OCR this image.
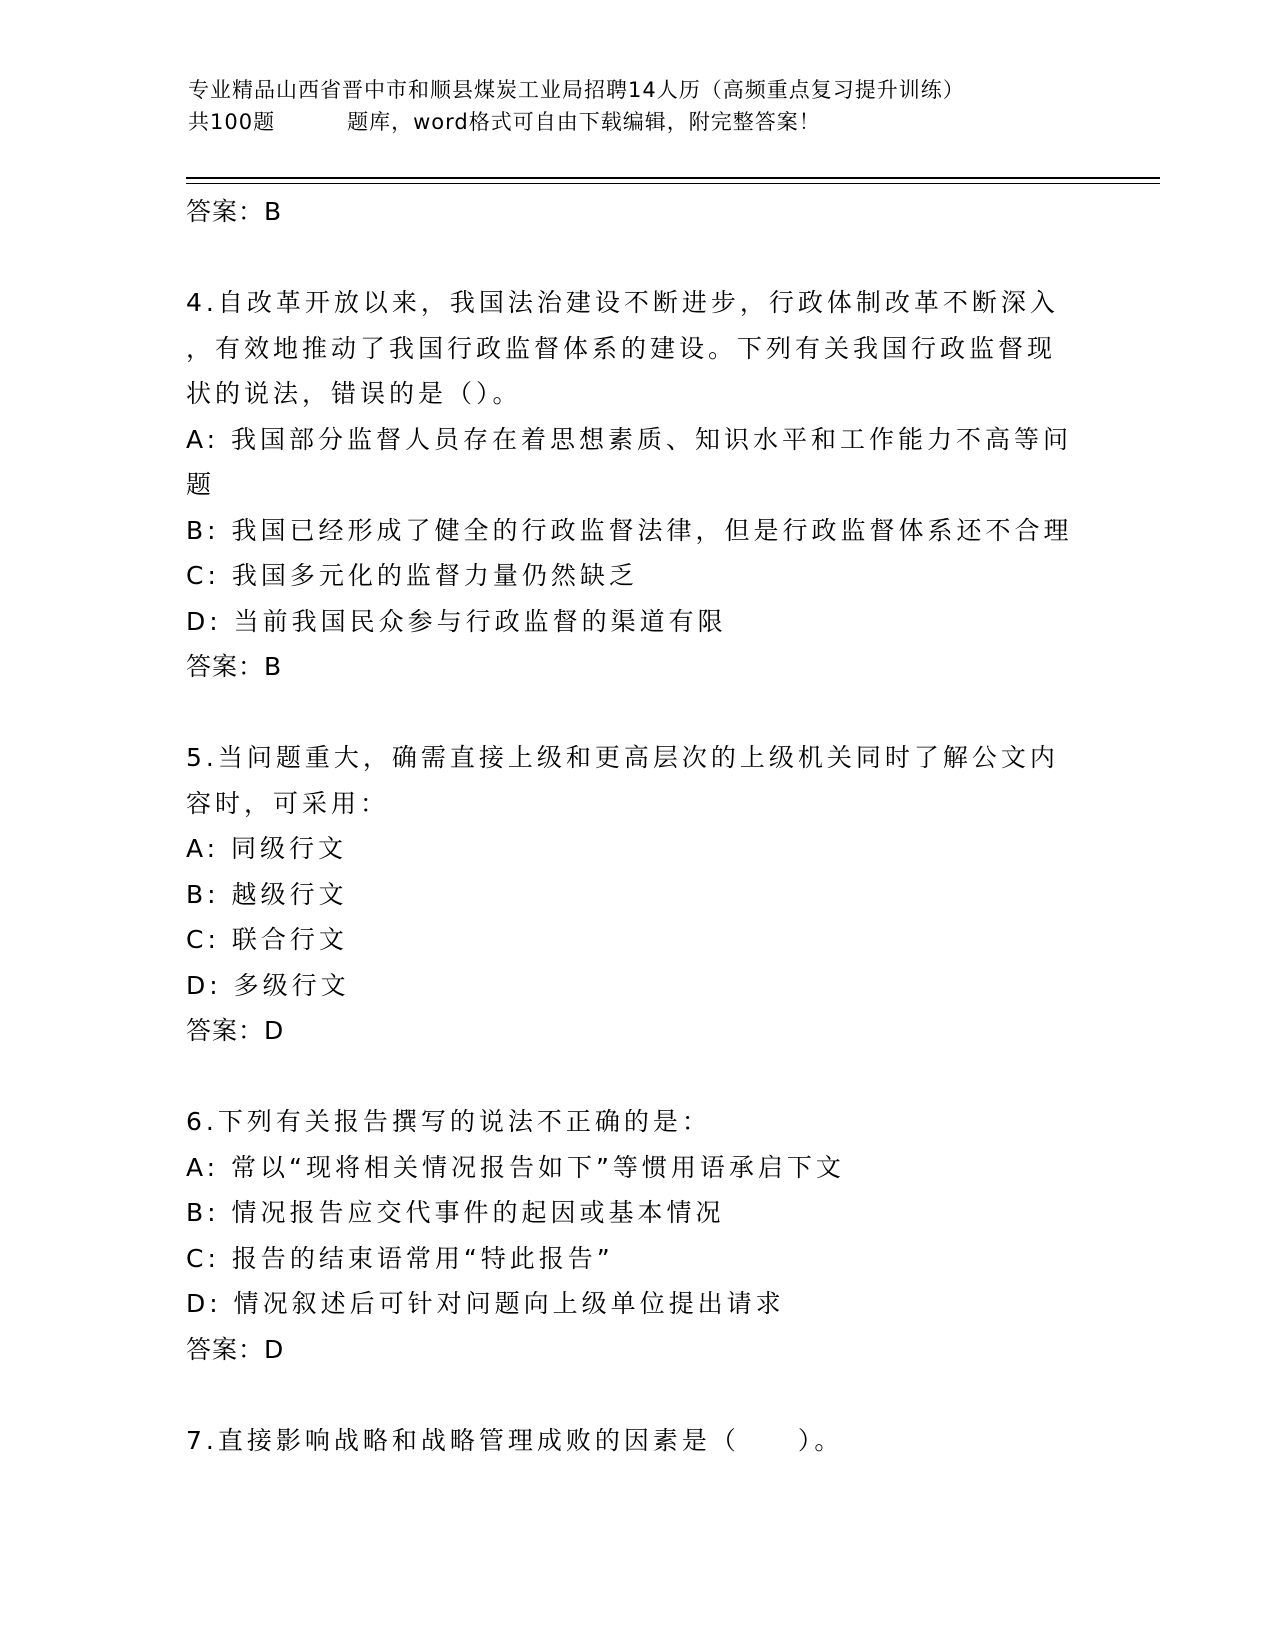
专业精品山西省晋中市和顺县煤炭工业局招聘14人历（高频重点复习提升训练）
共100题	题库，word格式可自由下载编辑，附完整答案！
答案：B
4.自改革开放以来，我国法治建设不断进步，行政体制改革不断深入
，有效地推动了我国行政监督体系的建设。下列有关我国行政监督现
状的说法，错误的是（）。
A: 我国部分监督人员存在着思想素质、知识水平和工作能力不高等问
题
B: 我国已经形成了健全的行政监督法律，但是行政监督体系还不合理
C: 我国多元化的监督力量仍然缺乏
D: 当前我国民众参与行政监督的渠道有限
答案：B
5.当问题重大，确需直接上级和更高层次的上级机关同时了解公文内
容时，可采用：
A: 同级行文
B: 越级行文
C: 联合行文
D: 多级行文
答案：D
6.下列有关报告撰写的说法不正确的是：
A: 常以“现将相关情况报告如下”等惯用语承启下文
B: 情况报告应交代事件的起因或基本情况
C: 报告的结束语常用“特此报告”
D: 情况叙述后可针对问题向上级单位提出请求
答案：D
7.直接影响战略和战略管理成败的因素是（　　）。
